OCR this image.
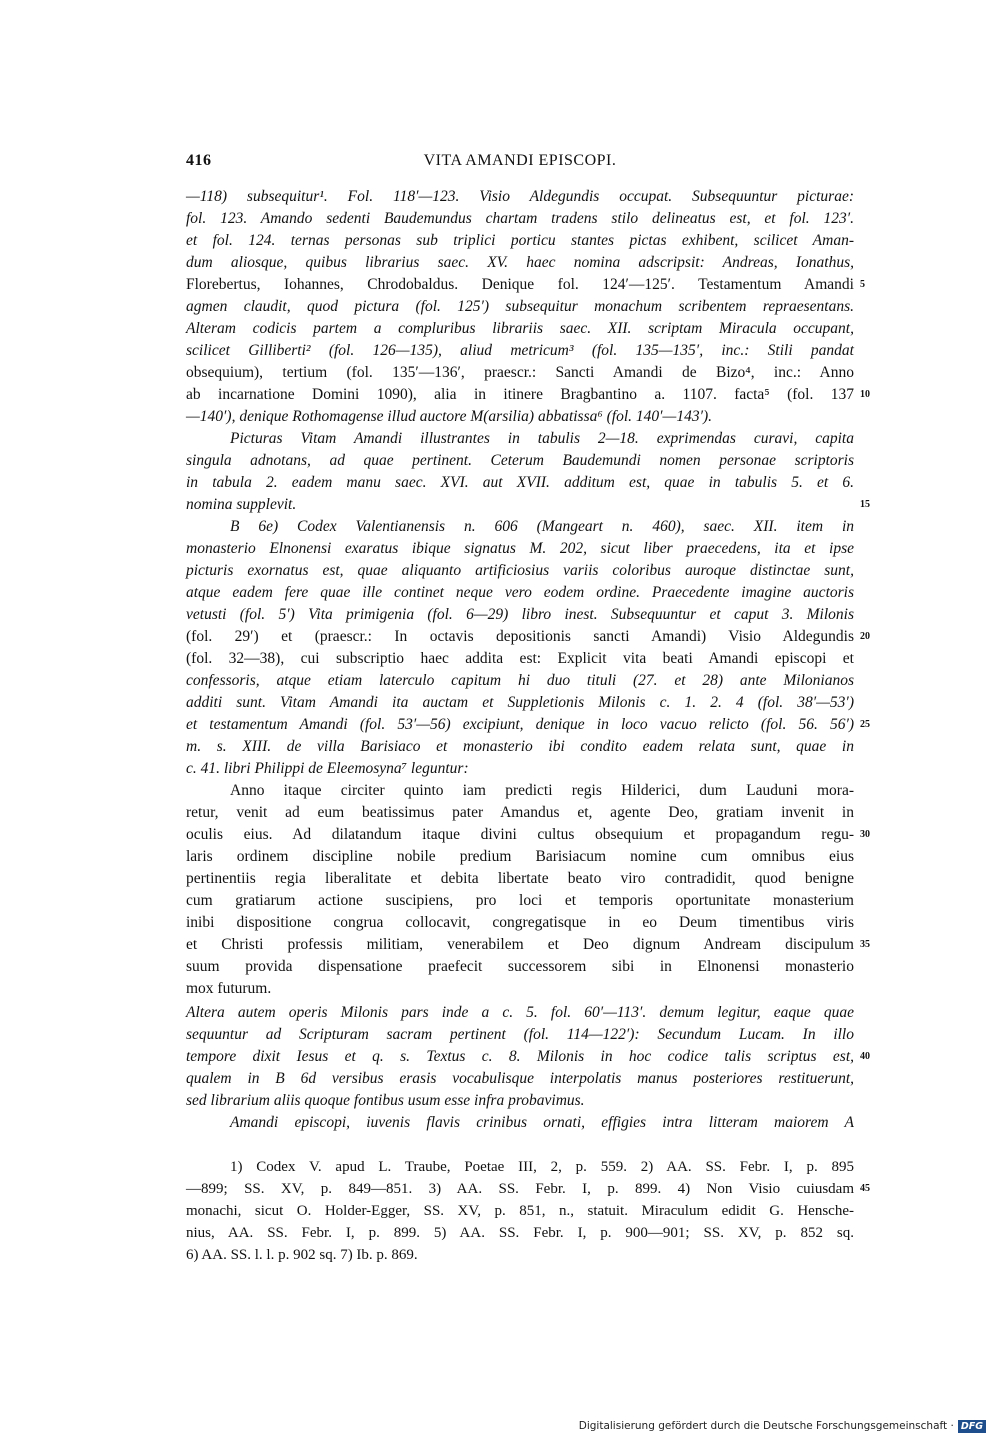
416	VITA AMANDI EPISCOPI.
—118) subsequitur¹. Fol. 118′—123. Visio Aldegundis occupat. Subsequuntur picturae:
fol. 123. Amando sedenti Baudemundus chartam tradens stilo delineatus est, et fol. 123′.
et fol. 124. ternas personas sub triplici porticu stantes pictas exhibent, scilicet Aman-
dum aliosque, quibus librarius saec. XV. haec nomina adscripsit: Andreas, Ionathus,
Florebertus, Iohannes, Chrodobaldus. Denique fol. 124′—125′. Testamentum Amandi
agmen claudit, quod pictura (fol. 125′) subsequitur monachum scribentem repraesentans.
Alteram codicis partem a compluribus librariis saec. XII. scriptam Miracula occupant,
scilicet Gilliberti² (fol. 126—135), aliud metricum³ (fol. 135—135′, inc.: Stili pandat
obsequium), tertium (fol. 135′—136′, praescr.: Sancti Amandi de Bizo⁴, inc.: Anno
ab incarnatione Domini 1090), alia in itinere Bragbantino a. 1107. facta⁵ (fol. 137
—140′), denique Rothomagense illud auctore M(arsilia) abbatissa⁶ (fol. 140′—143′).
Picturas Vitam Amandi illustrantes in tabulis 2—18. exprimendas curavi, capita
singula adnotans, ad quae pertinent. Ceterum Baudemundi nomen personae scriptoris
in tabula 2. eadem manu saec. XVI. aut XVII. additum est, quae in tabulis 5. et 6.
nomina supplevit.
B 6e) Codex Valentianensis n. 606 (Mangeart n. 460), saec. XII. item in
monasterio Elnonensi exaratus ibique signatus M. 202, sicut liber praecedens, ita et ipse
picturis exornatus est, quae aliquanto artificiosius variis coloribus auroque distinctae sunt,
atque eadem fere quae ille continet neque vero eodem ordine. Praecedente imagine auctoris
vetusti (fol. 5′) Vita primigenia (fol. 6—29) libro inest. Subsequuntur et caput 3. Milonis
(fol. 29′) et (praescr.: In octavis depositionis sancti Amandi) Visio Aldegundis
(fol. 32—38), cui subscriptio haec addita est: Explicit vita beati Amandi episcopi et
confessoris, atque etiam laterculo capitum hi duo tituli (27. et 28) ante Milonianos
additi sunt. Vitam Amandi ita auctam et Suppletionis Milonis c. 1. 2. 4 (fol. 38′—53′)
et testamentum Amandi (fol. 53′—56) excipiunt, denique in loco vacuo relicto (fol. 56. 56′)
m. s. XIII. de villa Barisiaco et monasterio ibi condito eadem relata sunt, quae in
c. 41. libri Philippi de Eleemosyna⁷ leguntur:
Anno itaque circiter quinto iam predicti regis Hilderici, dum Lauduni mora-
retur, venit ad eum beatissimus pater Amandus et, agente Deo, gratiam invenit in
oculis eius. Ad dilatandum itaque divini cultus obsequium et propagandum regu-
laris ordinem discipline nobile predium Barisiacum nomine cum omnibus eius
pertinentiis regia liberalitate et debita libertate beato viro contradidit, quod benigne
cum gratiarum actione suscipiens, pro loci et temporis oportunitate monasterium
inibi dispositione congrua collocavit, congregatisque in eo Deum timentibus viris
et Christi professis militiam, venerabilem et Deo dignum Andream discipulum
suum provida dispensatione praefecit successorem sibi in Elnonensi monasterio
mox futurum.
Altera autem operis Milonis pars inde a c. 5. fol. 60′—113′. demum legitur, eaque quae
sequuntur ad Scripturam sacram pertinent (fol. 114—122′): Secundum Lucam. In illo
tempore dixit Iesus et q. s. Textus c. 8. Milonis in hoc codice talis scriptus est,
qualem in B 6d versibus erasis vocabulisque interpolatis manus posteriores restituerunt,
sed librarium aliis quoque fontibus usum esse infra probavimus.
Amandi episcopi, iuvenis flavis crinibus ornati, effigies intra litteram maiorem A
5
10
15
20
25
30
35
40
45
1) Codex V. apud L. Traube, Poetae III, 2, p. 559. 2) AA. SS. Febr. I, p. 895
—899; SS. XV, p. 849—851. 3) AA. SS. Febr. I, p. 899. 4) Non Visio cuiusdam
monachi, sicut O. Holder-Egger, SS. XV, p. 851, n., statuit. Miraculum edidit G. Hensche-
nius, AA. SS. Febr. I, p. 899. 5) AA. SS. Febr. I, p. 900—901; SS. XV, p. 852 sq.
6) AA. SS. l. l. p. 902 sq. 7) Ib. p. 869.
Digitalisierung gefördert durch die Deutsche Forschungsgemeinschaft · DFG
